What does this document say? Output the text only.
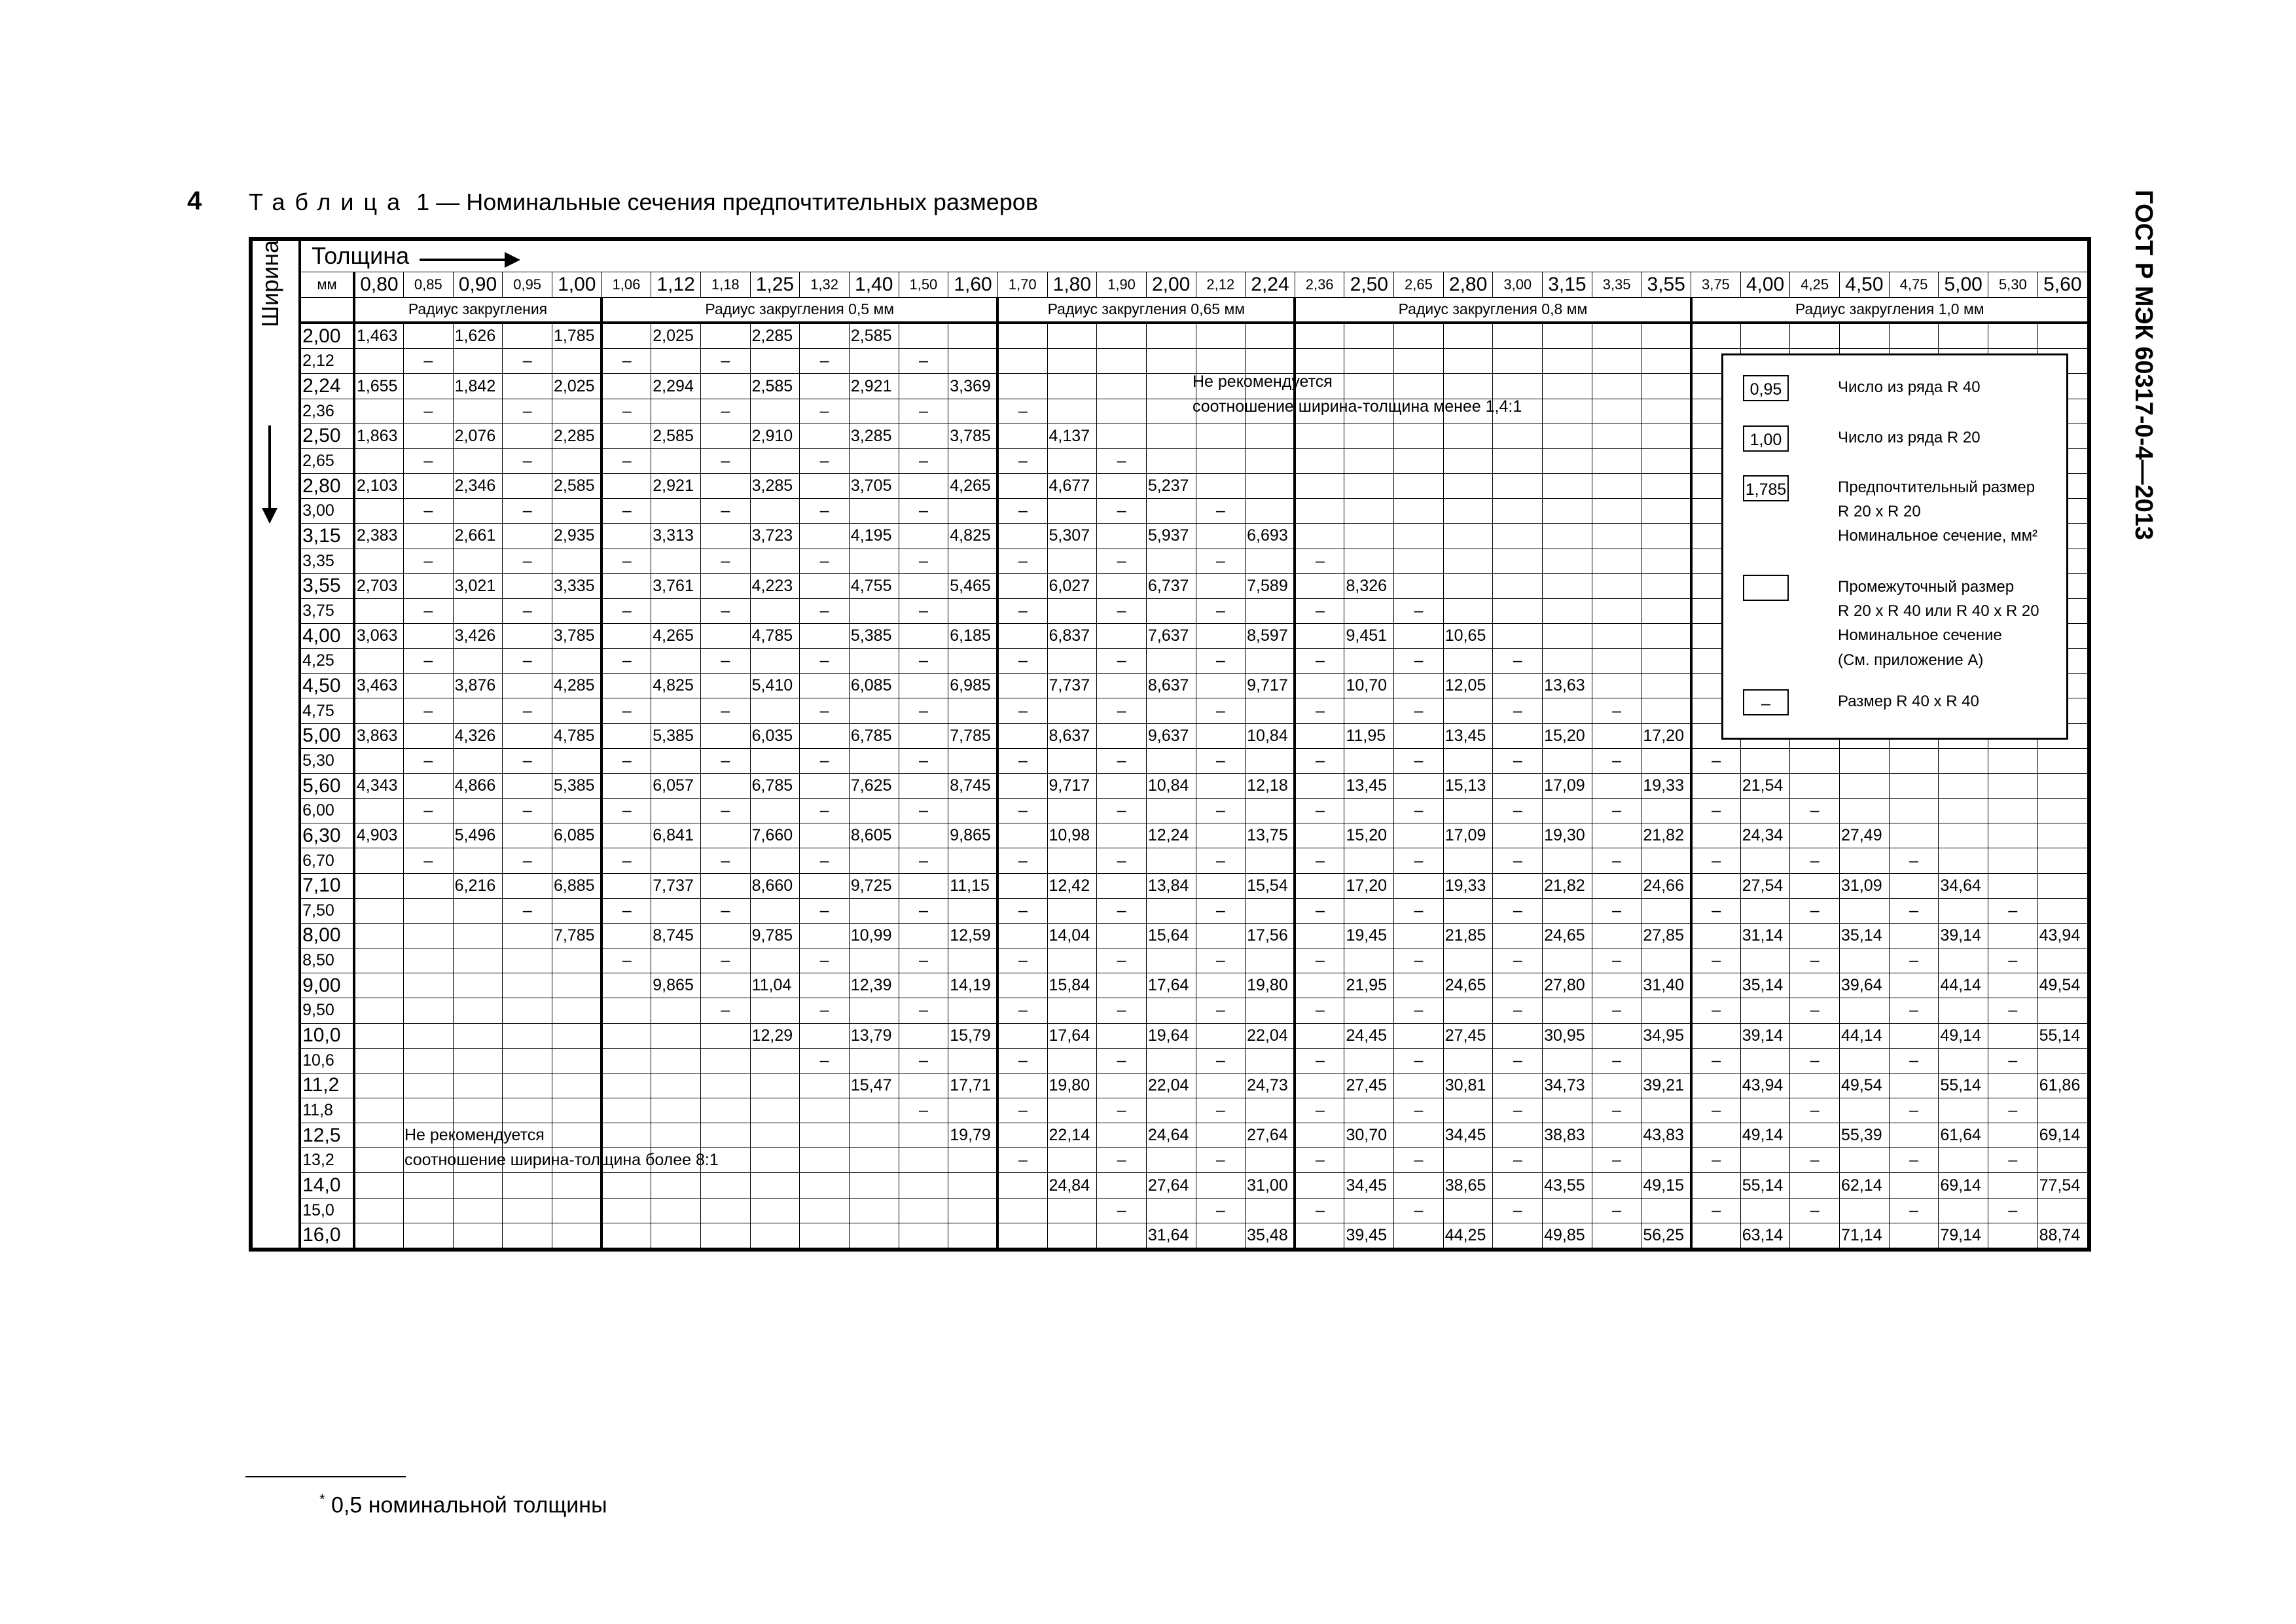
4 Таблица 1 — Номинальные сечения предпочтительных размеров	ГОСТ Р МЭК 60317-0-4—2013
	Толщина																																			
	мм	0,80	0,85	0,90	0,95	1,00	1,06	1,12	1,18	1,25	1,32	1,40	1,50	1,60	1,70	1,80	1,90	2,00	2,12	2,24	2,36	2,50	2,65	2,80	3,00	3,15	3,35	3,55	3,75	4,00	4,25	4,50	4,75	5,00	5,30	5,60
		Радиус закругления					Радиус закругления 0,5 мм								Радиус закругления 0,65 мм						Радиус закругления 0,8 мм								Радиус закругления 1,0 мм							
	2,00	1,463		1,626		1,785		2,025		2,285		2,585																								
	2,12		–		–		–		–		–		–																							
	2,24	1,655		1,842		2,025		2,294		2,585		2,921		3,369																						
	2,36		–		–		–		–		–		–		–																					
	2,50	1,863		2,076		2,285		2,585		2,910		3,285		3,785		4,137																				
	2,65		–		–		–		–		–		–		–		–																			
	2,80	2,103		2,346		2,585		2,921		3,285		3,705		4,265		4,677		5,237																		
	3,00		–		–		–		–		–		–		–		–		–																	
	3,15	2,383		2,661		2,935		3,313		3,723		4,195		4,825		5,307		5,937		6,693																
	3,35		–		–		–		–		–		–		–		–		–		–															
	3,55	2,703		3,021		3,335		3,761		4,223		4,755		5,465		6,027		6,737		7,589		8,326														
	3,75		–		–		–		–		–		–		–		–		–		–		–													
	4,00	3,063		3,426		3,785		4,265		4,785		5,385		6,185		6,837		7,637		8,597		9,451		10,65												
	4,25		–		–		–		–		–		–		–		–		–		–		–		–											
	4,50	3,463		3,876		4,285		4,825		5,410		6,085		6,985		7,737		8,637		9,717		10,70		12,05		13,63										
	4,75		–		–		–		–		–		–		–		–		–		–		–		–		–									
	5,00	3,863		4,326		4,785		5,385		6,035		6,785		7,785		8,637		9,637		10,84		11,95		13,45		15,20		17,20								
	5,30		–		–		–		–		–		–		–		–		–		–		–		–		–		–							
	5,60	4,343		4,866		5,385		6,057		6,785		7,625		8,745		9,717		10,84		12,18		13,45		15,13		17,09		19,33		21,54						
	6,00		–		–		–		–		–		–		–		–		–		–		–		–		–		–		–					
	6,30	4,903		5,496		6,085		6,841		7,660		8,605		9,865		10,98		12,24		13,75		15,20		17,09		19,30		21,82		24,34		27,49				
	6,70		–		–		–		–		–		–		–		–		–		–		–		–		–		–		–		–			
	7,10			6,216		6,885		7,737		8,660		9,725		11,15		12,42		13,84		15,54		17,20		19,33		21,82		24,66		27,54		31,09		34,64		
	7,50				–		–		–		–		–		–		–		–		–		–		–		–		–		–		–		–	
	8,00					7,785		8,745		9,785		10,99		12,59		14,04		15,64		17,56		19,45		21,85		24,65		27,85		31,14		35,14		39,14		43,94
	8,50						–		–		–		–		–		–		–		–		–		–		–		–		–		–		–	
	9,00							9,865		11,04		12,39		14,19		15,84		17,64		19,80		21,95		24,65		27,80		31,40		35,14		39,64		44,14		49,54
	9,50								–		–		–		–		–		–		–		–		–		–		–		–		–		–	
	10,0									12,29		13,79		15,79		17,64		19,64		22,04		24,45		27,45		30,95		34,95		39,14		44,14		49,14		55,14
	10,6										–		–		–		–		–		–		–		–		–		–		–		–		–	
	11,2											15,47		17,71		19,80		22,04		24,73		27,45		30,81		34,73		39,21		43,94		49,54		55,14		61,86
	11,8												–		–		–		–		–		–		–		–		–		–		–		–	
	12,5													19,79		22,14		24,64		27,64		30,70		34,45		38,83		43,83		49,14		55,39		61,64		69,14
	13,2														–		–		–		–		–		–		–		–		–		–		–	
	14,0															24,84		27,64		31,00		34,45		38,65		43,55		49,15		55,14		62,14		69,14		77,54
	15,0																–		–		–		–		–		–		–		–		–		–	
	16,0																	31,64		35,48		39,45		44,25		49,85		56,25		63,14		71,14		79,14		88,74
Ширина
Не рекомендуется
соотношение ширина-толщина менее 1,4:1
Не рекомендуется
соотношение ширина-толщина более 8:1
0,95	Число из ряда R 40
1,00	Число из ряда R 20
1,785	Предпочтительный размер
R 20 x R 20
Номинальное сечение, мм²
Промежуточный размер
R 20 x R 40 или R 40 x R 20
Номинальное сечение
(См. приложение А)
–	Размер R 40 x R 40
* 0,5 номинальной толщины
